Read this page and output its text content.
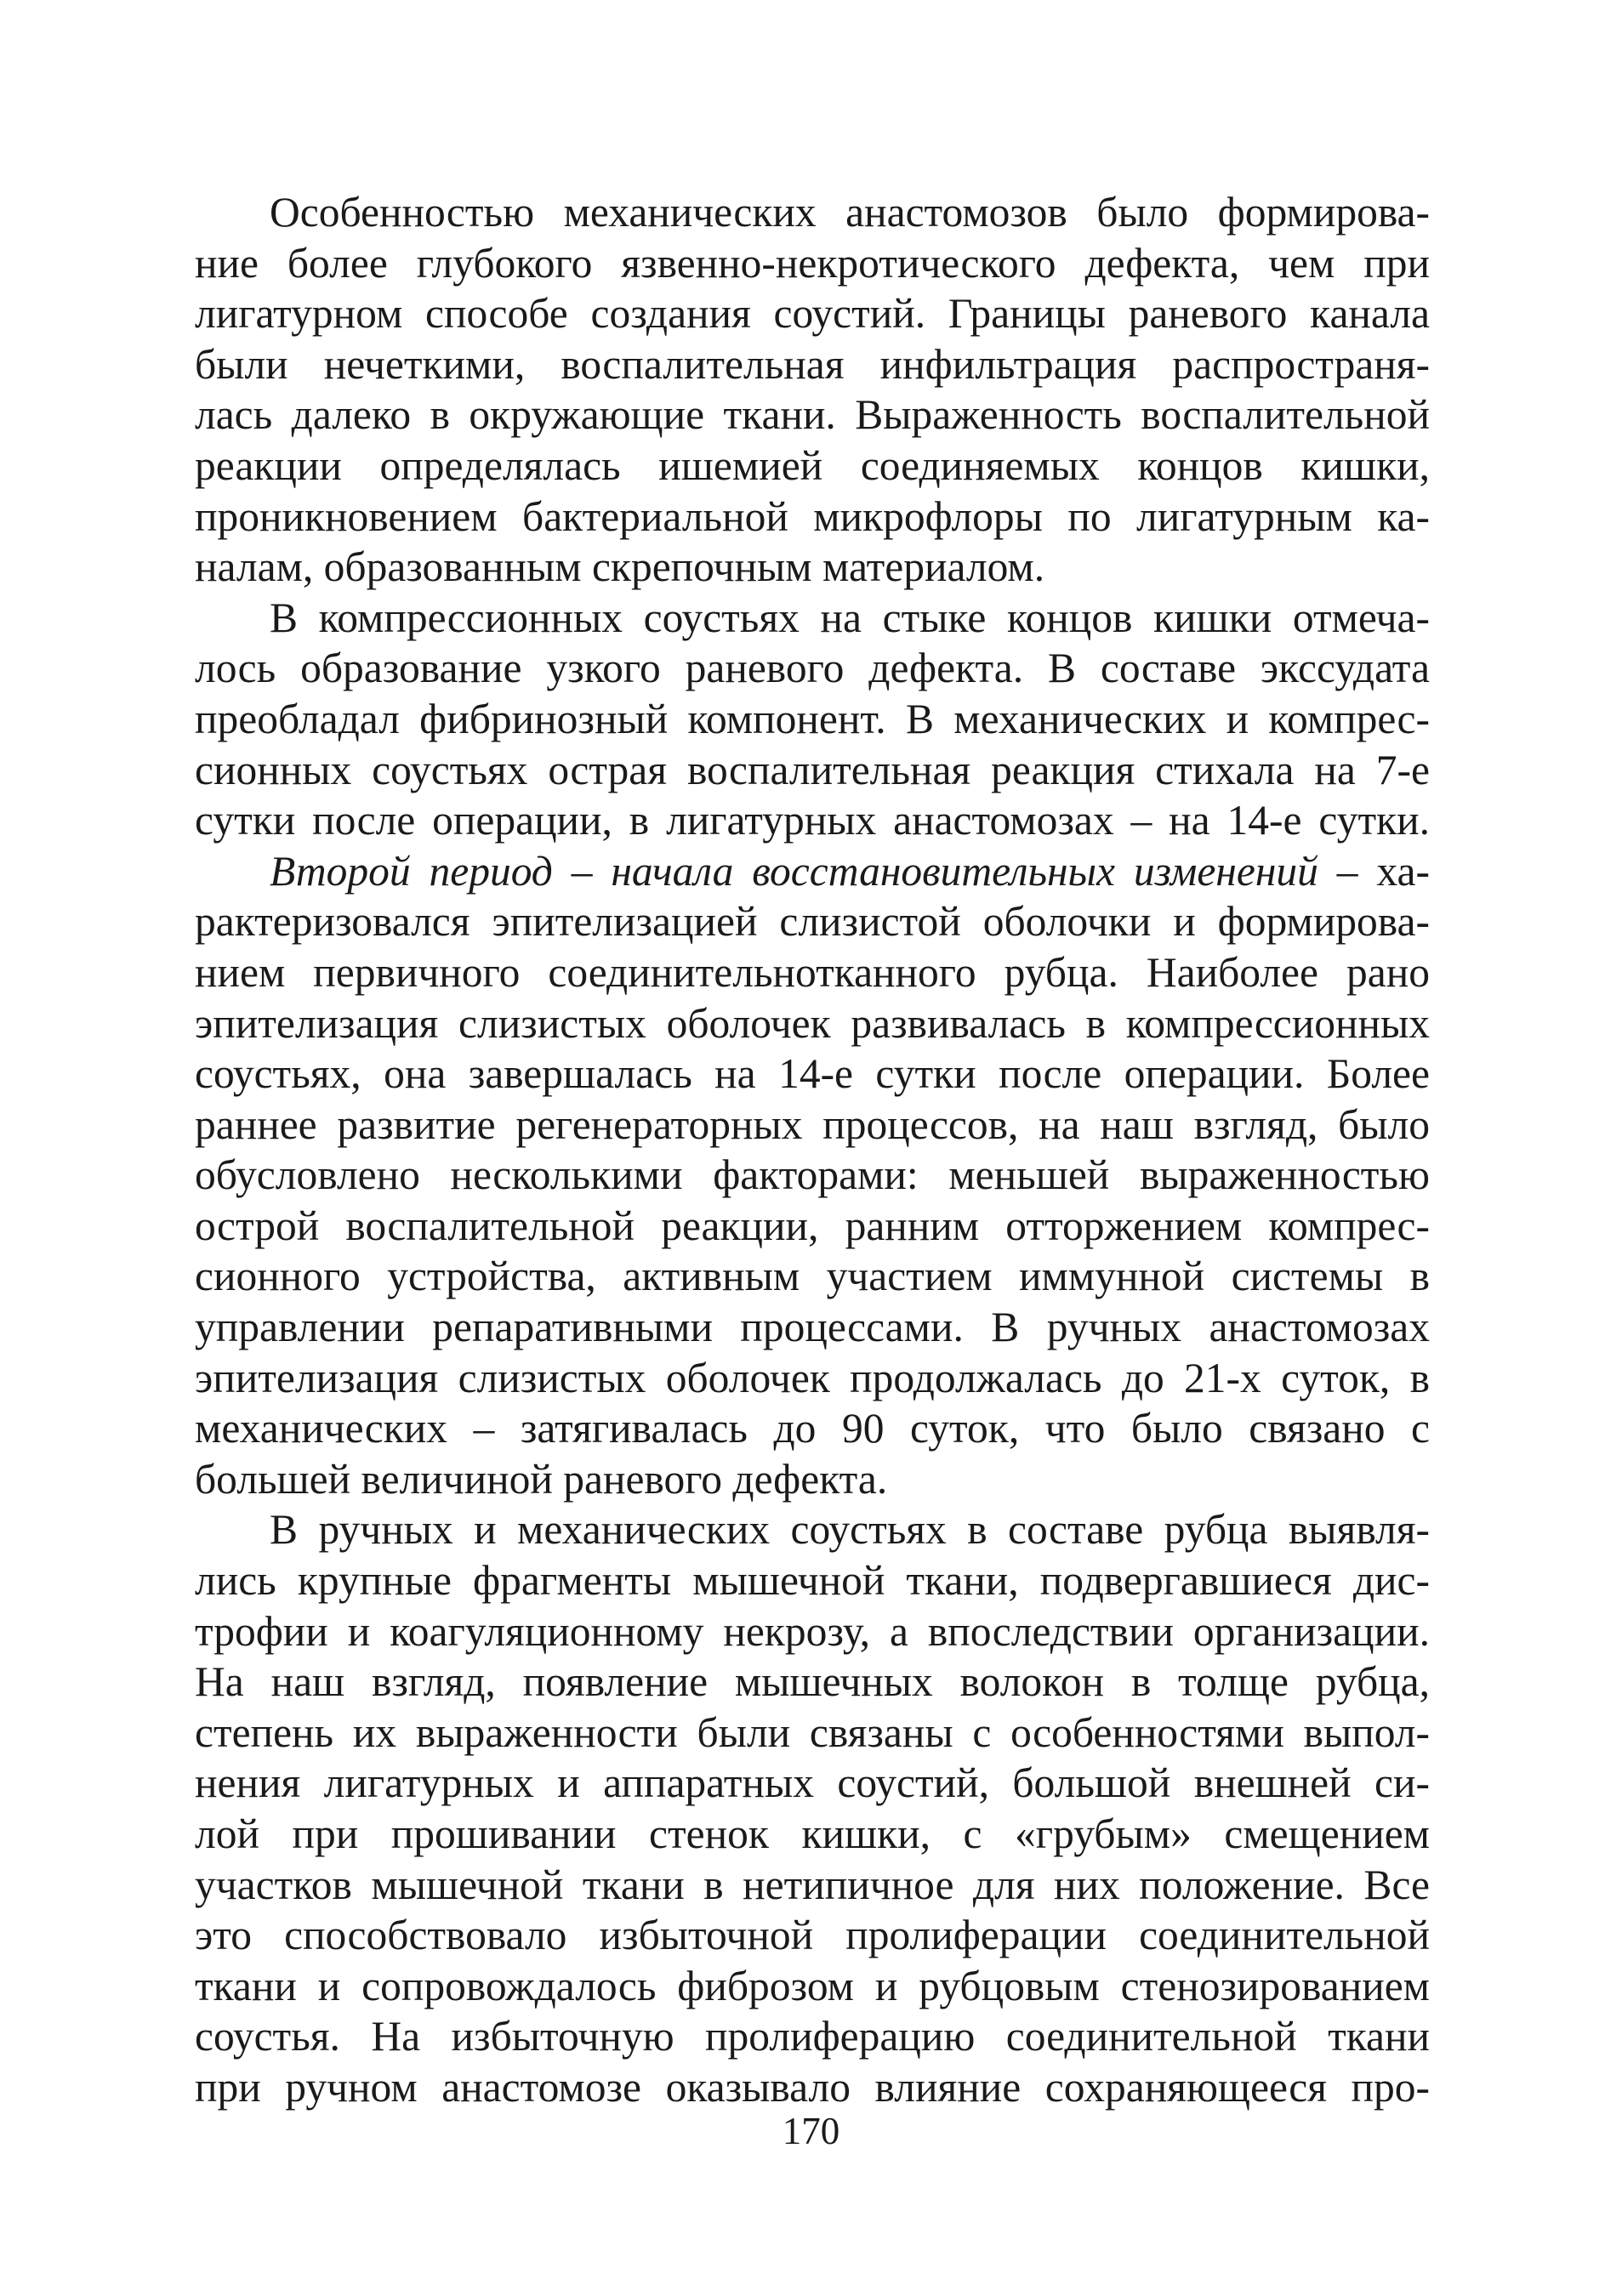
Особенностью механических анастомозов было формирова-
ние более глубокого язвенно-некротического дефекта, чем при
лигатурном способе создания соустий. Границы раневого канала
были нечеткими, воспалительная инфильтрация распространя-
лась далеко в окружающие ткани. Выраженность воспалительной
реакции определялась ишемией соединяемых концов кишки,
проникновением бактериальной микрофлоры по лигатурным ка-
налам, образованным скрепочным материалом.
В компрессионных соустьях на стыке концов кишки отмеча-
лось образование узкого раневого дефекта. В составе экссудата
преобладал фибринозный компонент. В механических и компрес-
сионных соустьях острая воспалительная реакция стихала на 7-е
сутки после операции, в лигатурных анастомозах – на 14-е сутки.
Второй период – начала восстановительных изменений – ха-
рактеризовался эпителизацией слизистой оболочки и формирова-
нием первичного соединительнотканного рубца. Наиболее рано
эпителизация слизистых оболочек развивалась в компрессионных
соустьях, она завершалась на 14-е сутки после операции. Более
раннее развитие регенераторных процессов, на наш взгляд, было
обусловлено несколькими факторами: меньшей выраженностью
острой воспалительной реакции, ранним отторжением компрес-
сионного устройства, активным участием иммунной системы в
управлении репаративными процессами. В ручных анастомозах
эпителизация слизистых оболочек продолжалась до 21-х суток, в
механических – затягивалась до 90 суток, что было связано с
большей величиной раневого дефекта.
В ручных и механических соустьях в составе рубца выявля-
лись крупные фрагменты мышечной ткани, подвергавшиеся дис-
трофии и коагуляционному некрозу, а впоследствии организации.
На наш взгляд, появление мышечных волокон в толще рубца,
степень их выраженности были связаны с особенностями выпол-
нения лигатурных и аппаратных соустий, большой внешней си-
лой при прошивании стенок кишки, с «грубым» смещением
участков мышечной ткани в нетипичное для них положение. Все
это способствовало избыточной пролиферации соединительной
ткани и сопровождалось фиброзом и рубцовым стенозированием
соустья. На избыточную пролиферацию соединительной ткани
при ручном анастомозе оказывало влияние сохраняющееся про-
170
